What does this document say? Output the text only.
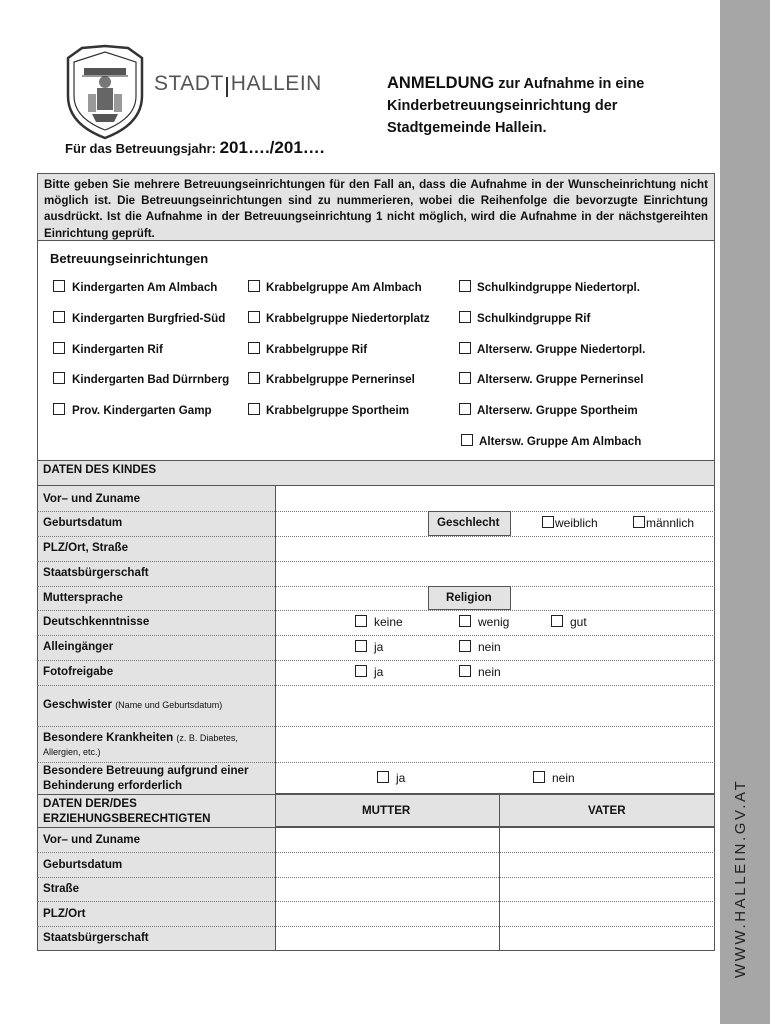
WWW.HALLEIN.GV.AT
STADT HALLEIN	ANMELDUNG zur Aufnahme in eine
Kinderbetreuungseinrichtung der
Stadtgemeinde Hallein.
Für das Betreuungsjahr: 201…./201….
Bitte geben Sie mehrere Betreuungseinrichtungen für den Fall an, dass die Aufnahme in der Wunscheinrichtung nicht möglich ist. Die Betreuungseinrichtungen sind zu nummerieren, wobei die Reihenfolge die bevorzugte Einrichtung ausdrückt. Ist die Aufnahme in der Betreuungseinrichtung 1 nicht möglich, wird die Aufnahme in der nächstgereihten Einrichtung geprüft.
Betreuungseinrichtungen
Kindergarten Am Almbach
Kindergarten Burgfried-Süd
Kindergarten Rif
Kindergarten Bad Dürrnberg
Prov. Kindergarten Gamp
Krabbelgruppe Am Almbach
Krabbelgruppe Niedertorplatz
Krabbelgruppe Rif
Krabbelgruppe Pernerinsel
Krabbelgruppe Sportheim
Schulkindgruppe Niedertorpl.
Schulkindgruppe Rif
Alterserw. Gruppe Niedertorpl.
Alterserw. Gruppe Pernerinsel
Alterserw. Gruppe Sportheim
Altersw. Gruppe Am Almbach
DATEN DES KINDES
Vor– und Zuname
Geburtsdatum	Geschlecht	weiblich	männlich
PLZ/Ort, Straße
Staatsbürgerschaft
Muttersprache	Religion
Deutschkenntnisse	keine	wenig	gut
Alleingänger	ja	nein
Fotofreigabe	ja	nein
Geschwister (Name und Geburtsdatum)
Besondere Krankheiten (z. B. Diabetes,
Allergien, etc.)
Besondere Betreuung aufgrund einer
Behinderung erforderlich
ja	nein
DATEN DER/DES
ERZIEHUNGSBERECHTIGTEN
MUTTER	VATER
Vor– und Zuname
Geburtsdatum
Straße
PLZ/Ort
Staatsbürgerschaft
